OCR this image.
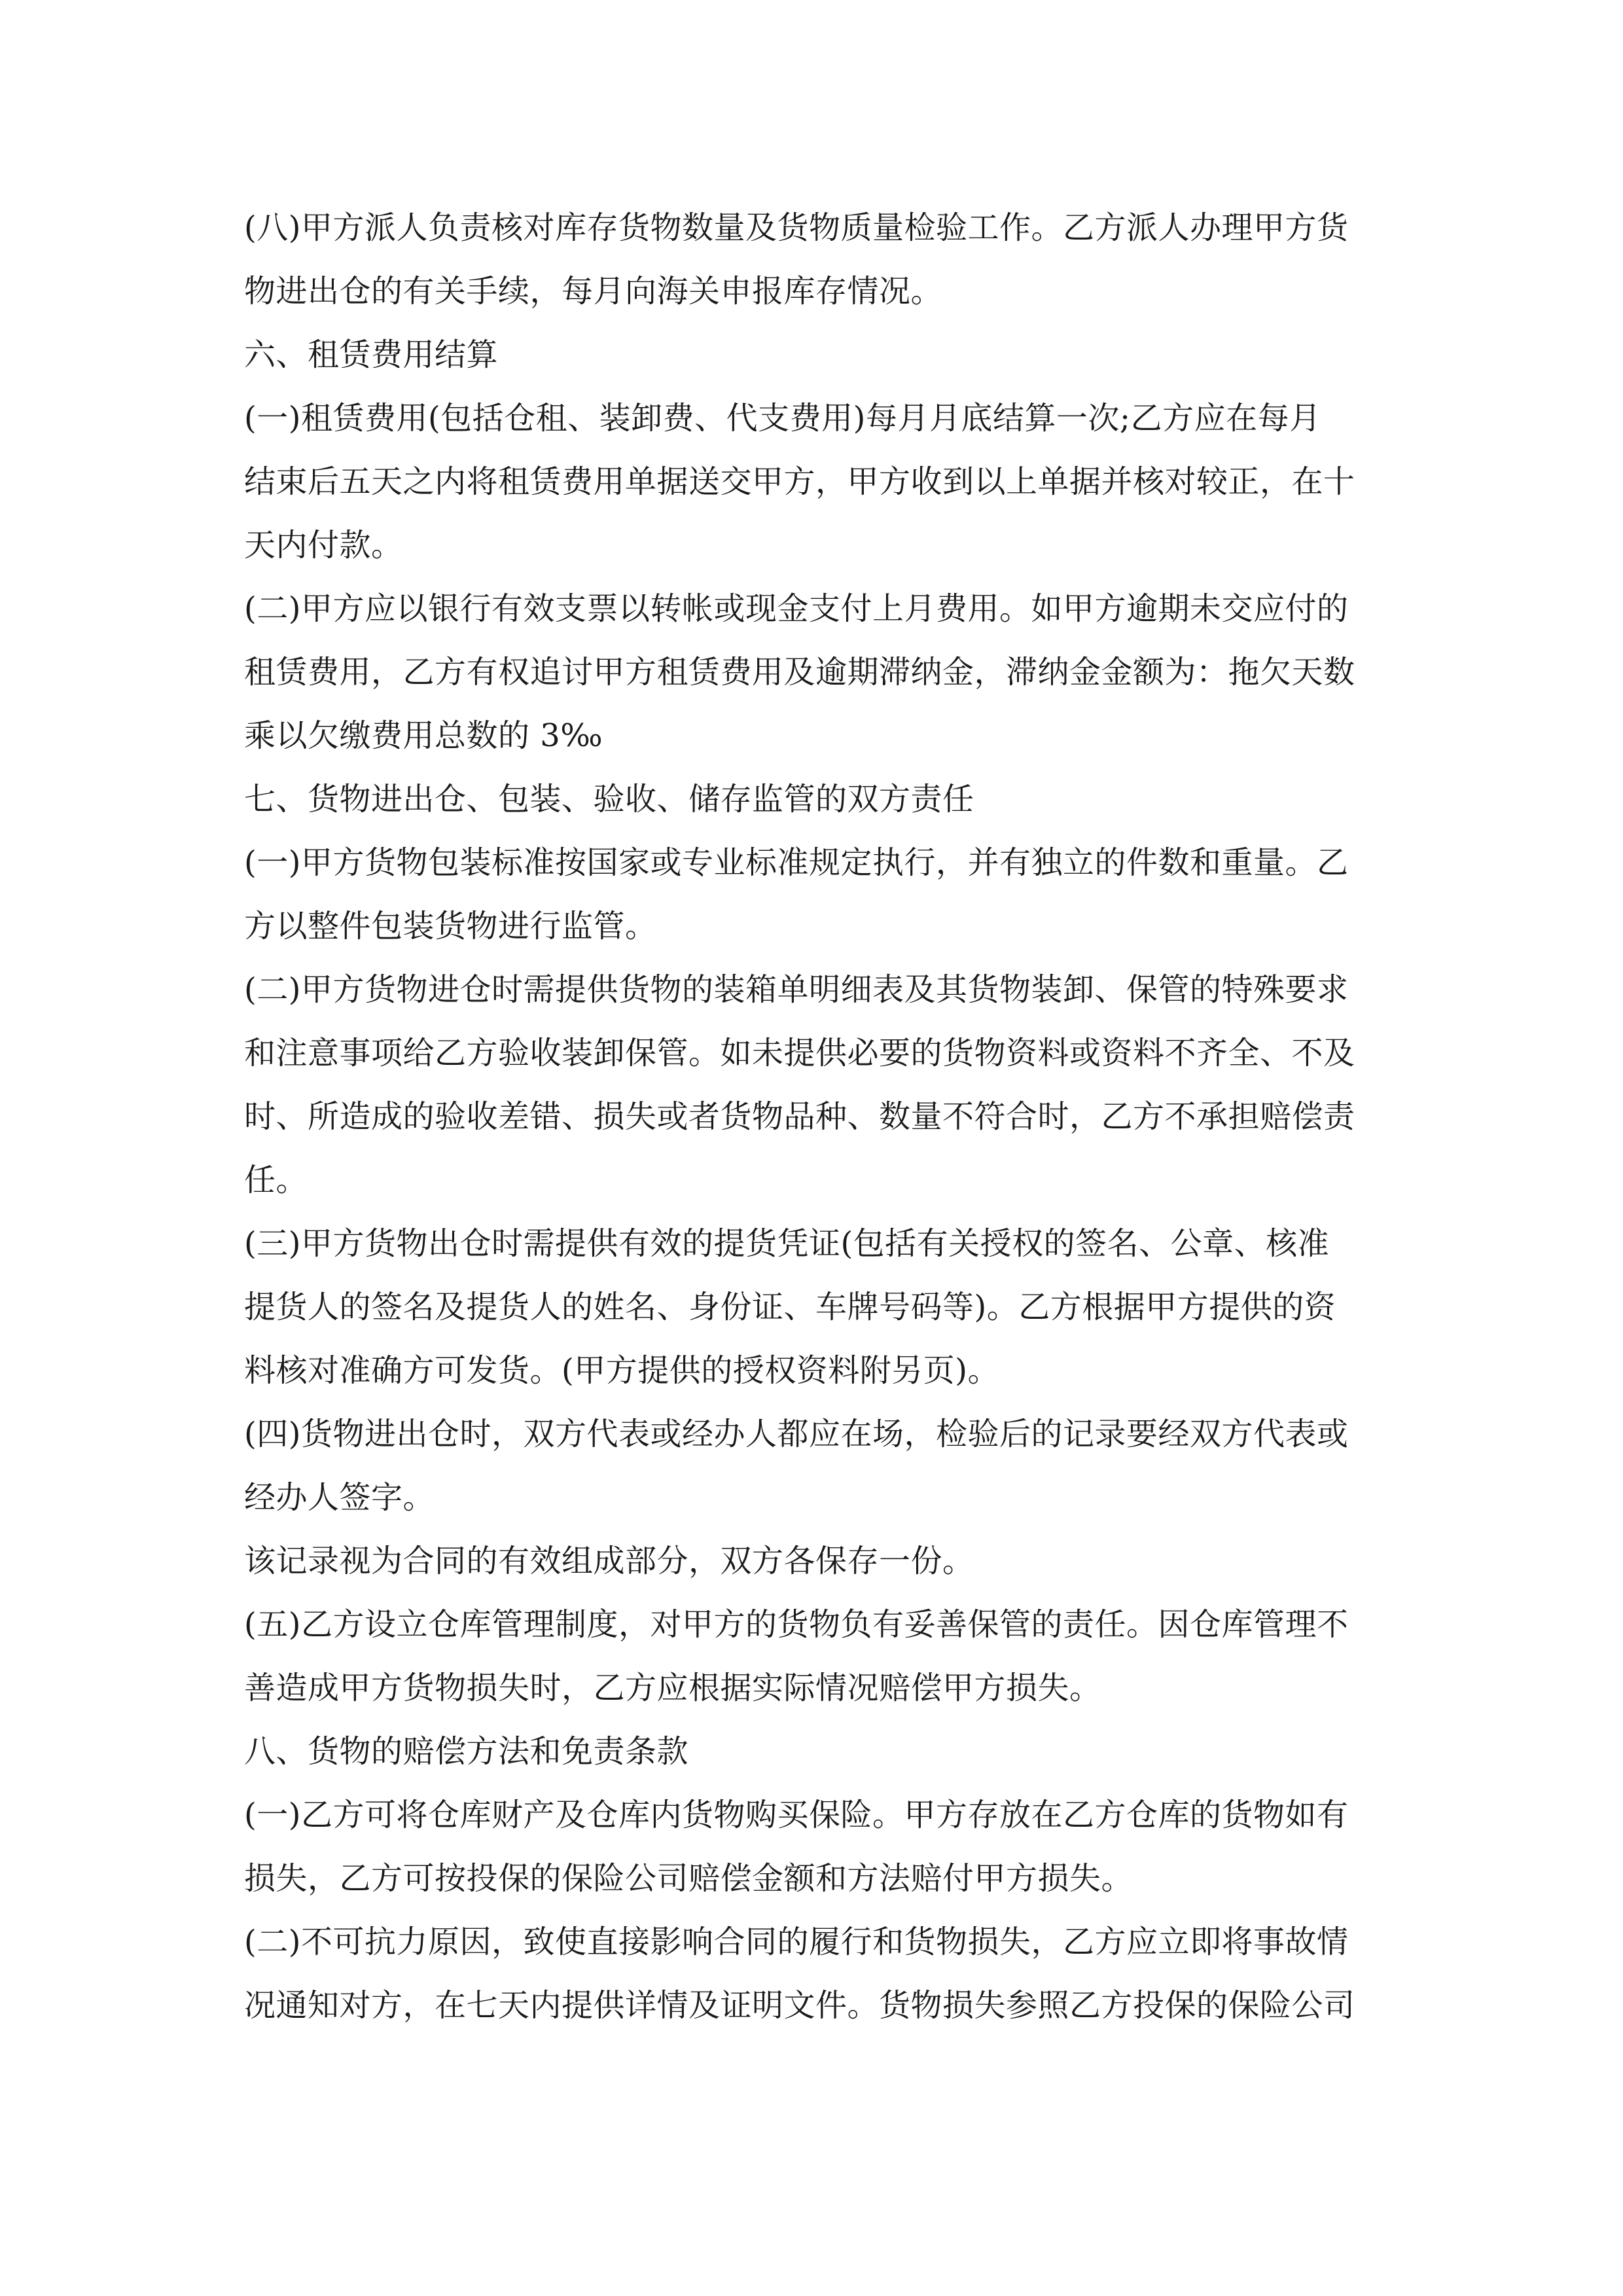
(八)甲方派人负责核对库存货物数量及货物质量检验工作。乙方派人办理甲方货
物进出仓的有关手续，每月向海关申报库存情况。
六、租赁费用结算
(一)租赁费用(包括仓租、装卸费、代支费用)每月月底结算一次;乙方应在每月
结束后五天之内将租赁费用单据送交甲方，甲方收到以上单据并核对较正，在十
天内付款。
(二)甲方应以银行有效支票以转帐或现金支付上月费用。如甲方逾期未交应付的
租赁费用，乙方有权追讨甲方租赁费用及逾期滞纳金，滞纳金金额为：拖欠天数
乘以欠缴费用总数的 3‰
七、货物进出仓、包装、验收、储存监管的双方责任
(一)甲方货物包装标准按国家或专业标准规定执行，并有独立的件数和重量。乙
方以整件包装货物进行监管。
(二)甲方货物进仓时需提供货物的装箱单明细表及其货物装卸、保管的特殊要求
和注意事项给乙方验收装卸保管。如未提供必要的货物资料或资料不齐全、不及
时、所造成的验收差错、损失或者货物品种、数量不符合时，乙方不承担赔偿责
任。
(三)甲方货物出仓时需提供有效的提货凭证(包括有关授权的签名、公章、核准
提货人的签名及提货人的姓名、身份证、车牌号码等)。乙方根据甲方提供的资
料核对准确方可发货。(甲方提供的授权资料附另页)。
(四)货物进出仓时，双方代表或经办人都应在场，检验后的记录要经双方代表或
经办人签字。
该记录视为合同的有效组成部分，双方各保存一份。
(五)乙方设立仓库管理制度，对甲方的货物负有妥善保管的责任。因仓库管理不
善造成甲方货物损失时，乙方应根据实际情况赔偿甲方损失。
八、货物的赔偿方法和免责条款
(一)乙方可将仓库财产及仓库内货物购买保险。甲方存放在乙方仓库的货物如有
损失，乙方可按投保的保险公司赔偿金额和方法赔付甲方损失。
(二)不可抗力原因，致使直接影响合同的履行和货物损失，乙方应立即将事故情
况通知对方，在七天内提供详情及证明文件。货物损失参照乙方投保的保险公司
